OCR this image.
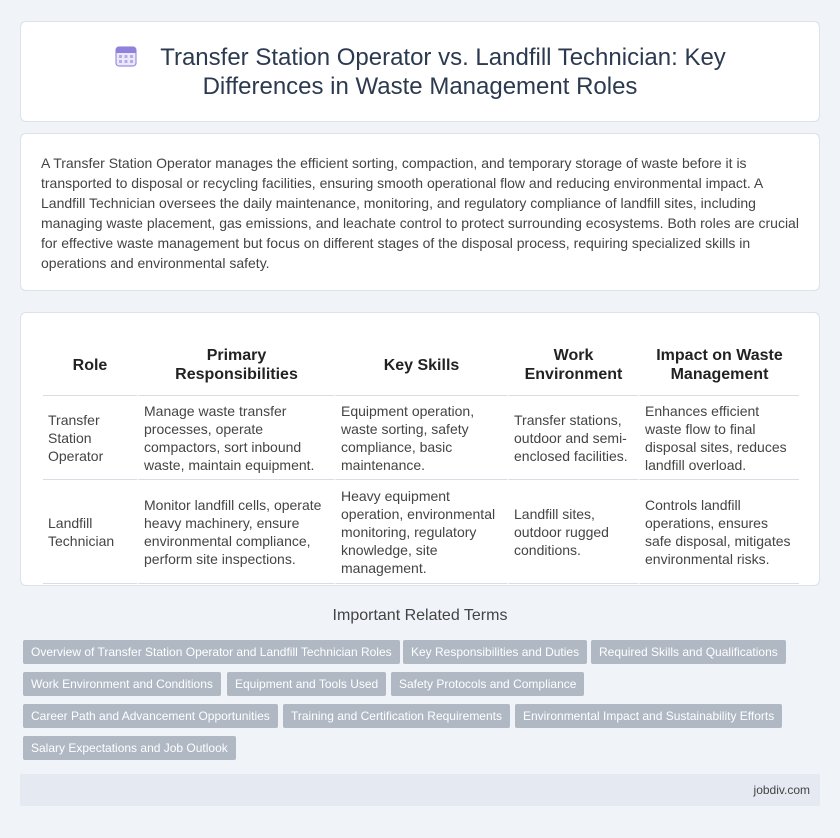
Transfer Station Operator vs. Landfill Technician: Key Differences in Waste Management Roles

A Transfer Station Operator manages the efficient sorting, compaction, and temporary storage of waste before it is transported to disposal or recycling facilities, ensuring smooth operational flow and reducing environmental impact. A Landfill Technician oversees the daily maintenance, monitoring, and regulatory compliance of landfill sites, including managing waste placement, gas emissions, and leachate control to protect surrounding ecosystems. Both roles are crucial for effective waste management but focus on different stages of the disposal process, requiring specialized skills in operations and environmental safety.

Role	Primary Responsibilities	Key Skills	Work Environment	Impact on Waste Management
Transfer Station Operator	Manage waste transfer processes, operate compactors, sort inbound waste, maintain equipment.	Equipment operation, waste sorting, safety compliance, basic maintenance.	Transfer stations, outdoor and semi-enclosed facilities.	Enhances efficient waste flow to final disposal sites, reduces landfill overload.
Landfill Technician	Monitor landfill cells, operate heavy machinery, ensure environmental compliance, perform site inspections.	Heavy equipment operation, environmental monitoring, regulatory knowledge, site management.	Landfill sites, outdoor rugged conditions.	Controls landfill operations, ensures safe disposal, mitigates environmental risks.
Important Related Terms
Overview of Transfer Station Operator and Landfill Technician Roles	Key Responsibilities and Duties	Required Skills and Qualifications
Work Environment and Conditions	Equipment and Tools Used	Safety Protocols and Compliance
Career Path and Advancement Opportunities	Training and Certification Requirements	Environmental Impact and Sustainability Efforts
Salary Expectations and Job Outlook
jobdiv.com
